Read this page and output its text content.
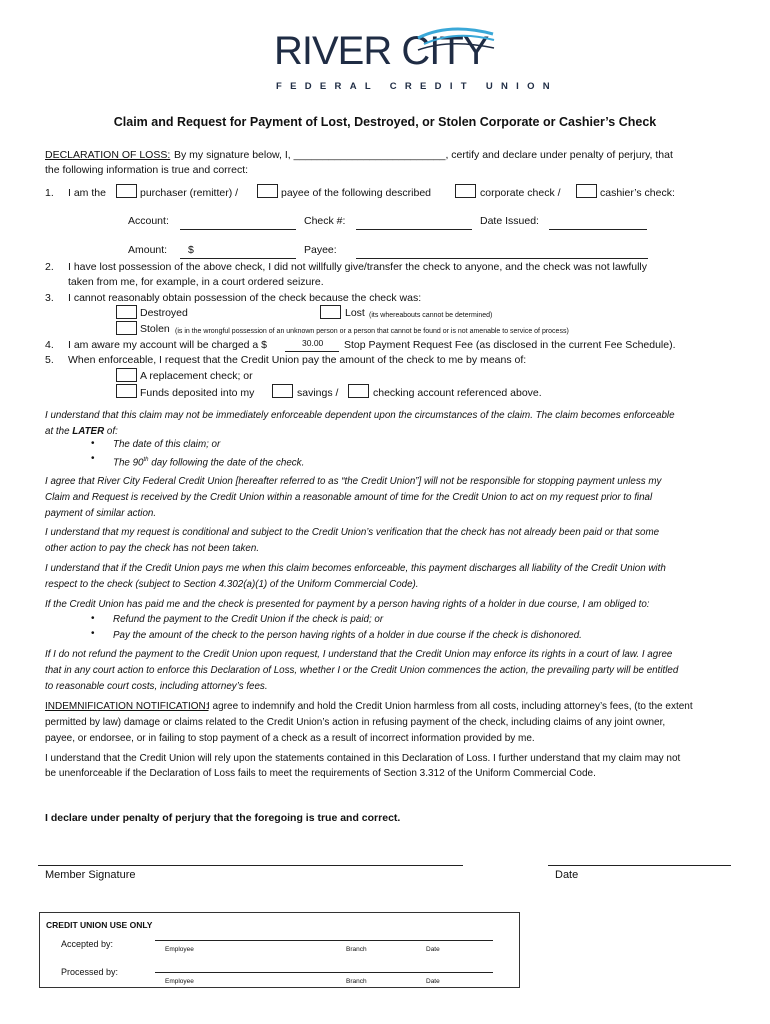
RIVER CITY
FEDERAL CREDIT UNION
Claim and Request for Payment of Lost, Destroyed, or Stolen Corporate or Cashier’s Check
DECLARATION OF LOSS: By my signature below, I, __________________________, certify and declare under penalty of perjury, that
the following information is true and correct:
1. I am the	purchaser (remitter) /	payee of the following described	corporate check /	cashier’s check:
Account:	Check #:	Date Issued:
Amount: $	Payee:
2. I have lost possession of the above check, I did not willfully give/transfer the check to anyone, and the check was not lawfully
taken from me, for example, in a court ordered seizure.
3. I cannot reasonably obtain possession of the check because the check was:
Destroyed	Lost (its whereabouts cannot be determined)
Stolen (is in the wrongful possession of an unknown person or a person that cannot be found or is not amenable to service of process)
4. I am aware my account will be charged a $	30.00 Stop Payment Request Fee (as disclosed in the current Fee Schedule).
5. When enforceable, I request that the Credit Union pay the amount of the check to me by means of:
A replacement check; or
Funds deposited into my	savings /	checking account referenced above.
I understand that this claim may not be immediately enforceable dependent upon the circumstances of the claim. The claim becomes enforceable
at the LATER of:
• The date of this claim; or
• The 90th day following the date of the check.
I agree that River City Federal Credit Union [hereafter referred to as “the Credit Union”] will not be responsible for stopping payment unless my
Claim and Request is received by the Credit Union within a reasonable amount of time for the Credit Union to act on my request prior to final
payment of similar action.
I understand that my request is conditional and subject to the Credit Union’s verification that the check has not already been paid or that some
other action to pay the check has not been taken.
I understand that if the Credit Union pays me when this claim becomes enforceable, this payment discharges all liability of the Credit Union with
respect to the check (subject to Section 4.302(a)(1) of the Uniform Commercial Code).
If the Credit Union has paid me and the check is presented for payment by a person having rights of a holder in due course, I am obliged to:
• Refund the payment to the Credit Union if the check is paid; or
• Pay the amount of the check to the person having rights of a holder in due course if the check is dishonored.
If I do not refund the payment to the Credit Union upon request, I understand that the Credit Union may enforce its rights in a court of law. I agree
that in any court action to enforce this Declaration of Loss, whether I or the Credit Union commences the action, the prevailing party will be entitled
to reasonable court costs, including attorney’s fees.
INDEMNIFICATION NOTIFICATION:
I agree to indemnify and hold the Credit Union harmless from all costs, including attorney’s fees, (to the extent
permitted by law) damage or claims related to the Credit Union’s action in refusing payment of the check, including claims of any joint owner,
payee, or endorsee, or in failing to stop payment of a check as a result of incorrect information provided by me.
I understand that the Credit Union will rely upon the statements contained in this Declaration of Loss. I further understand that my claim may not
be unenforceable if the Declaration of Loss fails to meet the requirements of Section 3.312 of the Uniform Commercial Code.
I declare under penalty of perjury that the foregoing is true and correct.
Member Signature	Date
CREDIT UNION USE ONLY
Accepted by:
Employee	Branch	Date
Processed by:
Employee	Branch	Date
